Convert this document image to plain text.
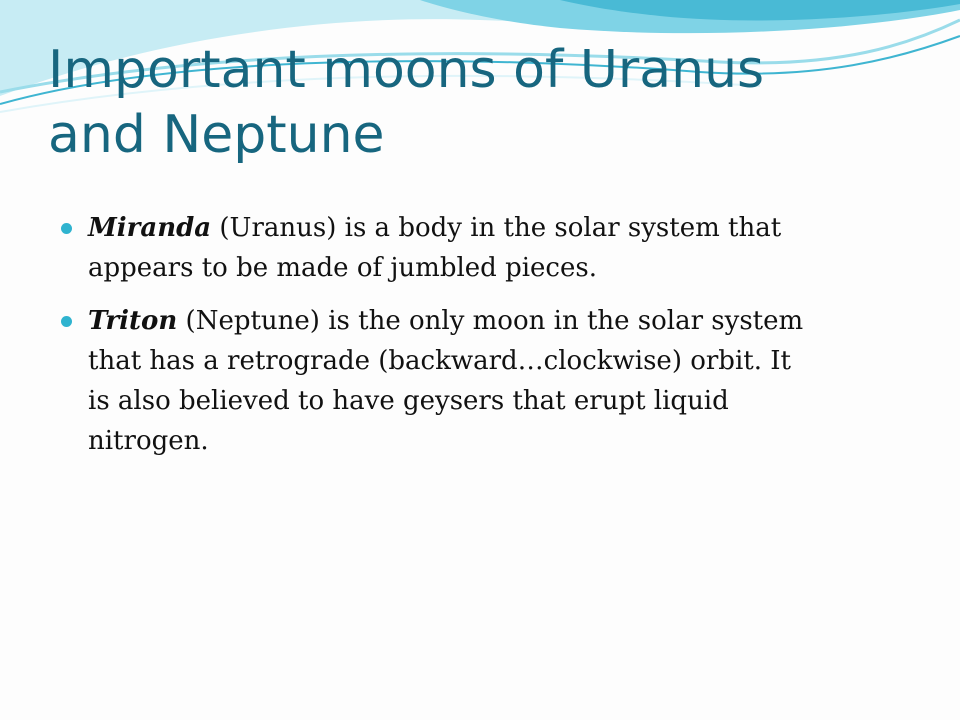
Important moons of Uranus
and Neptune
Miranda (Uranus) is a body in the solar system that
appears to be made of jumbled pieces.
Triton (Neptune) is the only moon in the solar system
that has a retrograde (backward…clockwise) orbit. It
is also believed to have geysers that erupt liquid
nitrogen.
